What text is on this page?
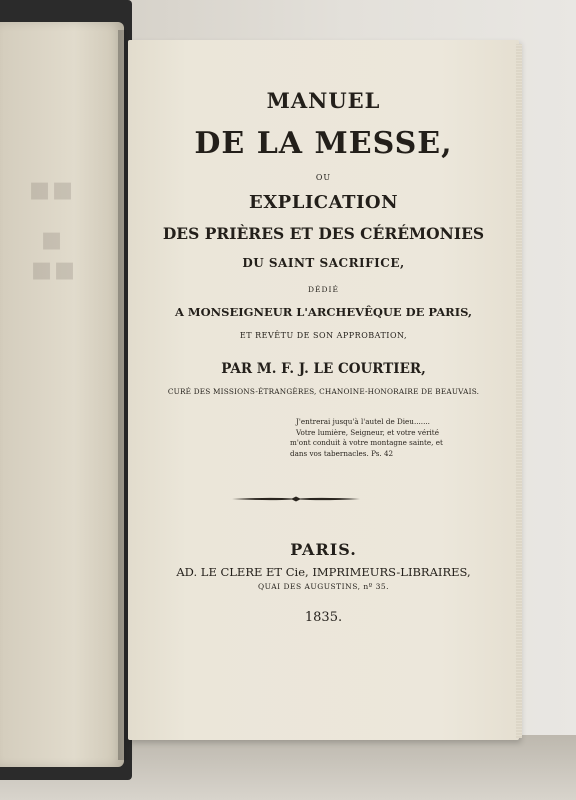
▪▪
▪
▪▪
MANUEL
DE LA MESSE,
OU
EXPLICATION
DES PRIÈRES ET DES CÉRÉMONIES
DU SAINT SACRIFICE,
DÉDIÉ
A MONSEIGNEUR L'ARCHEVÊQUE DE PARIS,
ET REVÊTU DE SON APPROBATION,
PAR M. F. J. LE COURTIER,
CURÉ DES MISSIONS-ÉTRANGÈRES, CHANOINE-HONORAIRE DE BEAUVAIS.
J'entrerai jusqu'à l'autel de Dieu.......
Votre lumière, Seigneur, et votre vérité
m'ont conduit à votre montagne sainte, et
dans vos tabernacles. Ps. 42
PARIS.
AD. LE CLERE ET Cie, IMPRIMEURS-LIBRAIRES,
QUAI DES AUGUSTINS, nº 35.
1835.
